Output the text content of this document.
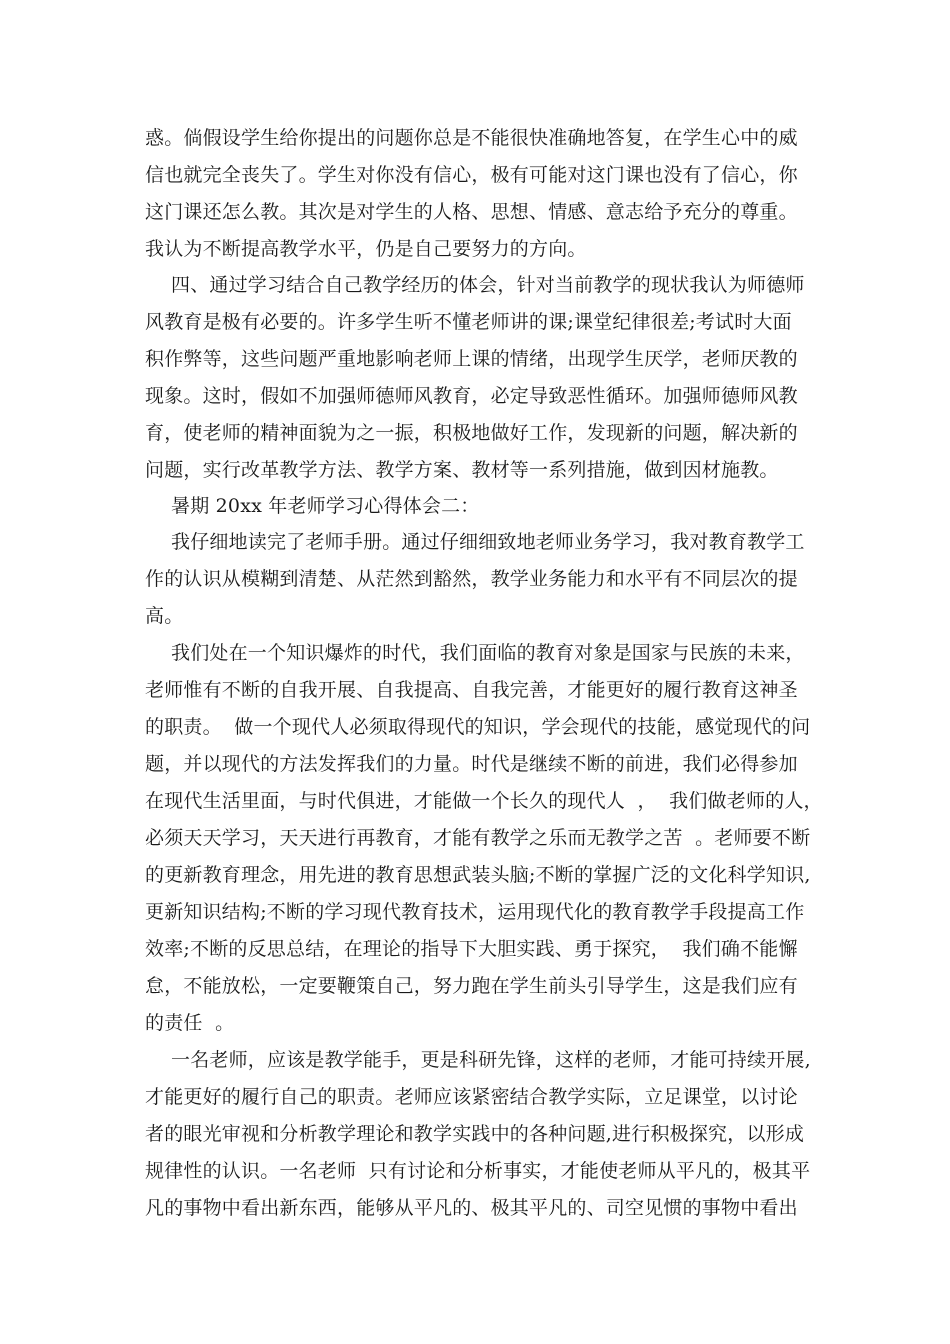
惑。倘假设学生给你提出的问题你总是不能很快准确地答复，在学生心中的威
信也就完全丧失了。学生对你没有信心，极有可能对这门课也没有了信心，你
这门课还怎么教。其次是对学生的人格、思想、情感、意志给予充分的尊重。
我认为不断提高教学水平，仍是自己要努力的方向。
四、通过学习结合自己教学经历的体会，针对当前教学的现状我认为师德师
风教育是极有必要的。许多学生听不懂老师讲的课;课堂纪律很差;考试时大面
积作弊等，这些问题严重地影响老师上课的情绪，出现学生厌学，老师厌教的
现象。这时，假如不加强师德师风教育，必定导致恶性循环。加强师德师风教
育，使老师的精神面貌为之一振，积极地做好工作，发现新的问题，解决新的
问题，实行改革教学方法、教学方案、教材等一系列措施，做到因材施教。
暑期 20xx 年老师学习心得体会二：
我仔细地读完了老师手册。通过仔细细致地老师业务学习，我对教育教学工
作的认识从模糊到清楚、从茫然到豁然，教学业务能力和水平有不同层次的提
高。
我们处在一个知识爆炸的时代，我们面临的教育对象是国家与民族的未来，
老师惟有不断的自我开展、自我提高、自我完善，才能更好的履行教育这神圣
的职责。  做一个现代人必须取得现代的知识，学会现代的技能，感觉现代的问
题，并以现代的方法发挥我们的力量。时代是继续不断的前进，我们必得参加
在现代生活里面，与时代俱进，才能做一个长久的现代人  ，  我们做老师的人，
必须天天学习，天天进行再教育，才能有教学之乐而无教学之苦  。老师要不断
的更新教育理念，用先进的教育思想武装头脑;不断的掌握广泛的文化科学知识,
更新知识结构;不断的学习现代教育技术，运用现代化的教育教学手段提高工作
效率;不断的反思总结，在理论的指导下大胆实践、勇于探究，  我们确不能懈
怠，不能放松，一定要鞭策自己，努力跑在学生前头引导学生，这是我们应有
的责任  。
一名老师，应该是教学能手，更是科研先锋，这样的老师，才能可持续开展,
才能更好的履行自己的职责。老师应该紧密结合教学实际，立足课堂，以讨论
者的眼光审视和分析教学理论和教学实践中的各种问题,进行积极探究，以形成
规律性的认识。一名老师  只有讨论和分析事实，才能使老师从平凡的，极其平
凡的事物中看出新东西，能够从平凡的、极其平凡的、司空见惯的事物中看出
